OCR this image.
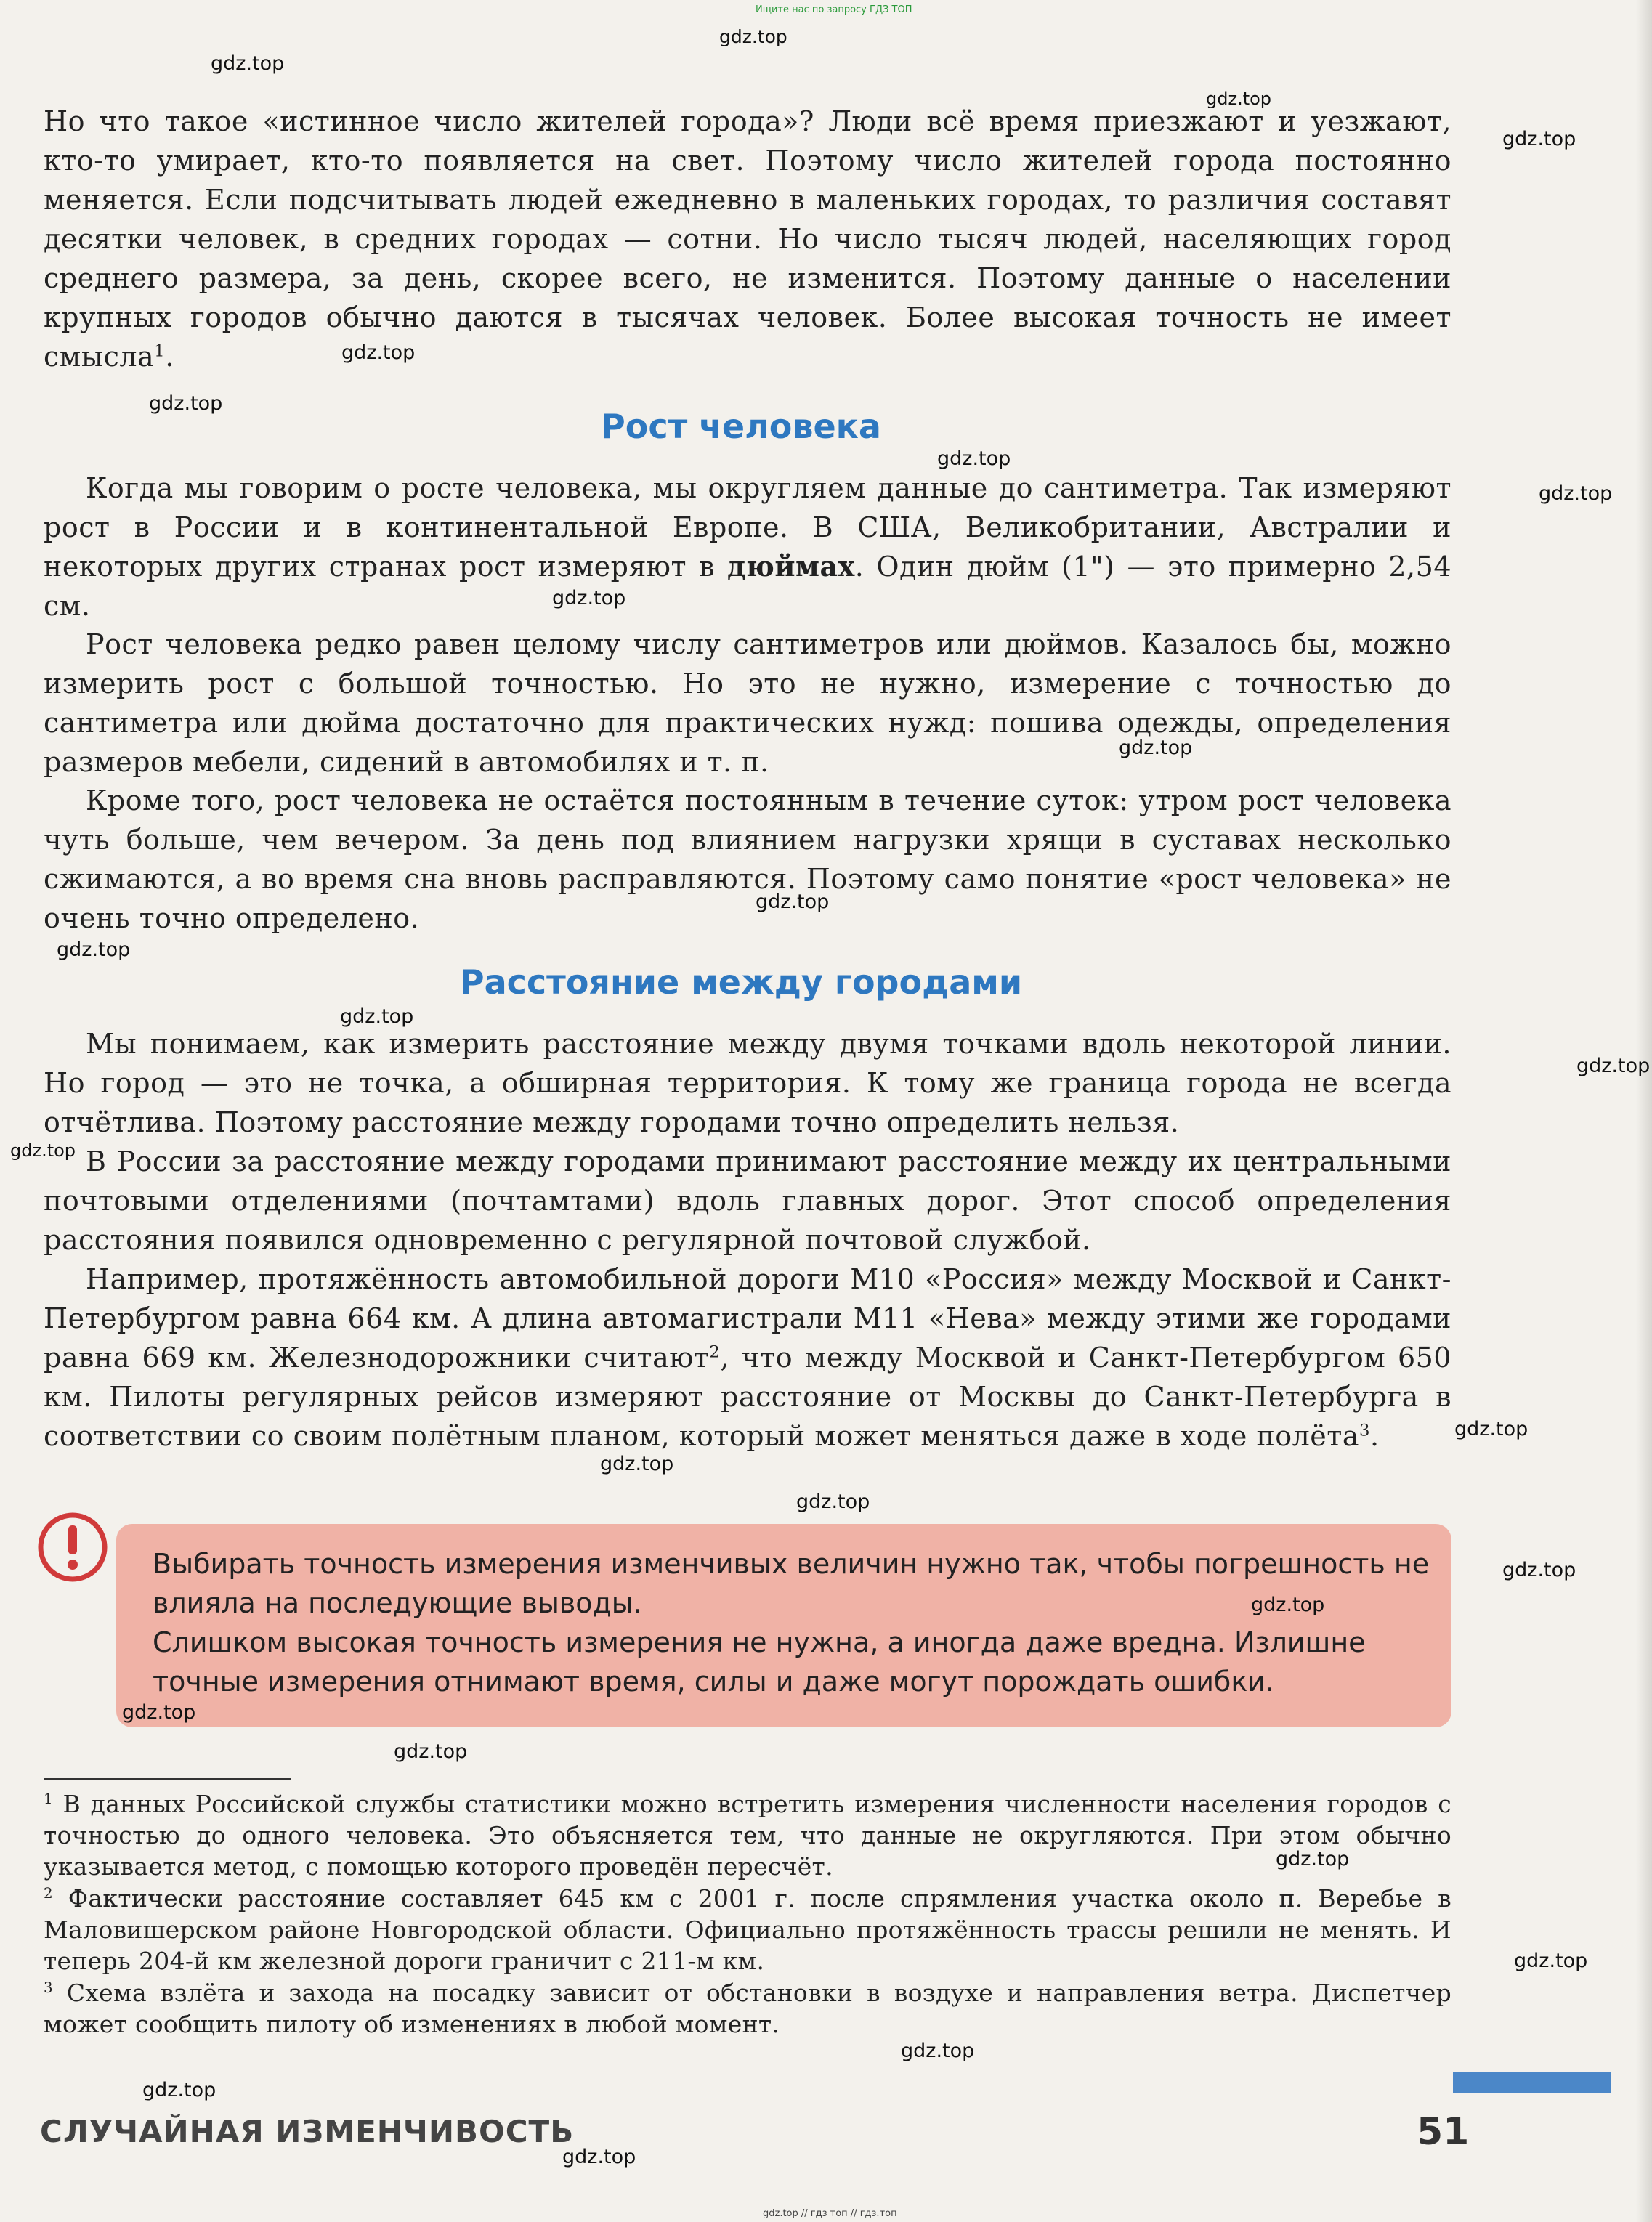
Ищите нас по запросу ГДЗ ТОП

Но что такое «истинное число жителей города»? Люди всё время приезжают и уезжают, кто-то умирает, кто-то появляется на свет. Поэтому число жителей города постоянно меняется. Если подсчитывать людей ежедневно в маленьких городах, то различия составят десятки человек, в средних городах — сотни. Но число тысяч людей, населяющих город среднего размера, за день, скорее всего, не изменится. Поэтому данные о населении крупных городов обычно даются в тысячах человек. Более высокая точность не имеет смысла$^1$.

Рост человека

Когда мы говорим о росте человека, мы округляем данные до сантиметра. Так измеряют рост в России и в континентальной Европе. В США, Великобритании, Австралии и некоторых других странах рост измеряют в дюймах. Один дюйм (1") — это примерно 2,54 см.

Рост человека редко равен целому числу сантиметров или дюймов. Казалось бы, можно измерить рост с большой точностью. Но это не нужно, измерение с точностью до сантиметра или дюйма достаточно для практических нужд: пошива одежды, определения размеров мебели, сидений в автомобилях и т. п.

Кроме того, рост человека не остаётся постоянным в течение суток: утром рост человека чуть больше, чем вечером. За день под влиянием нагрузки хрящи в суставах несколько сжимаются, а во время сна вновь расправляются. Поэтому само понятие «рост человека» не очень точно определено.

Расстояние между городами

Мы понимаем, как измерить расстояние между двумя точками вдоль некоторой линии. Но город — это не точка, а обширная территория. К тому же граница города не всегда отчётлива. Поэтому расстояние между городами точно определить нельзя.

В России за расстояние между городами принимают расстояние между их центральными почтовыми отделениями (почтамтами) вдоль главных дорог. Этот способ определения расстояния появился одновременно с регулярной почтовой службой.

Например, протяжённость автомобильной дороги М10 «Россия» между Москвой и Санкт-Петербургом равна 664 км. А длина автомагистрали М11 «Нева» между этими же городами равна 669 км. Железнодорожники считают$^2$, что между Москвой и Санкт-Петербургом 650 км. Пилоты регулярных рейсов измеряют расстояние от Москвы до Санкт-Петербурга в соответствии со своим полётным планом, который может меняться даже в ходе полёта$^3$.

Выбирать точность измерения изменчивых величин нужно так, чтобы погрешность не влияла на последующие выводы.
Слишком высокая точность измерения не нужна, а иногда даже вредна. Излишне точные измерения отнимают время, силы и даже могут порождать ошибки.

$^1$ В данных Российской службы статистики можно встретить измерения численности населения городов с точностью до одного человека. Это объясняется тем, что данные не округляются. При этом обычно указывается метод, с помощью которого проведён пересчёт.

$^2$ Фактически расстояние составляет 645 км с 2001 г. после спрямления участка около п. Веребье в Маловишерском районе Новгородской области. Официально протяжённость трассы решили не менять. И теперь 204-й км железной дороги граничит с 211-м км.

$^3$ Схема взлёта и захода на посадку зависит от обстановки в воздухе и направления ветра. Диспетчер может сообщить пилоту об изменениях в любой момент.

СЛУЧАЙНАЯ ИЗМЕНЧИВОСТЬ	51

gdz.top
gdz.top
gdz.top
gdz.top
gdz.top
gdz.top
gdz.top
gdz.top
gdz.top
gdz.top
gdz.top
gdz.top
gdz.top
gdz.top
gdz.top
gdz.top
gdz.top
gdz.top
gdz.top
gdz.top
gdz.top
gdz.top
gdz.top
gdz.top
gdz.top
gdz.top
gdz.top
gdz.top // гдз топ // гдз.топ
